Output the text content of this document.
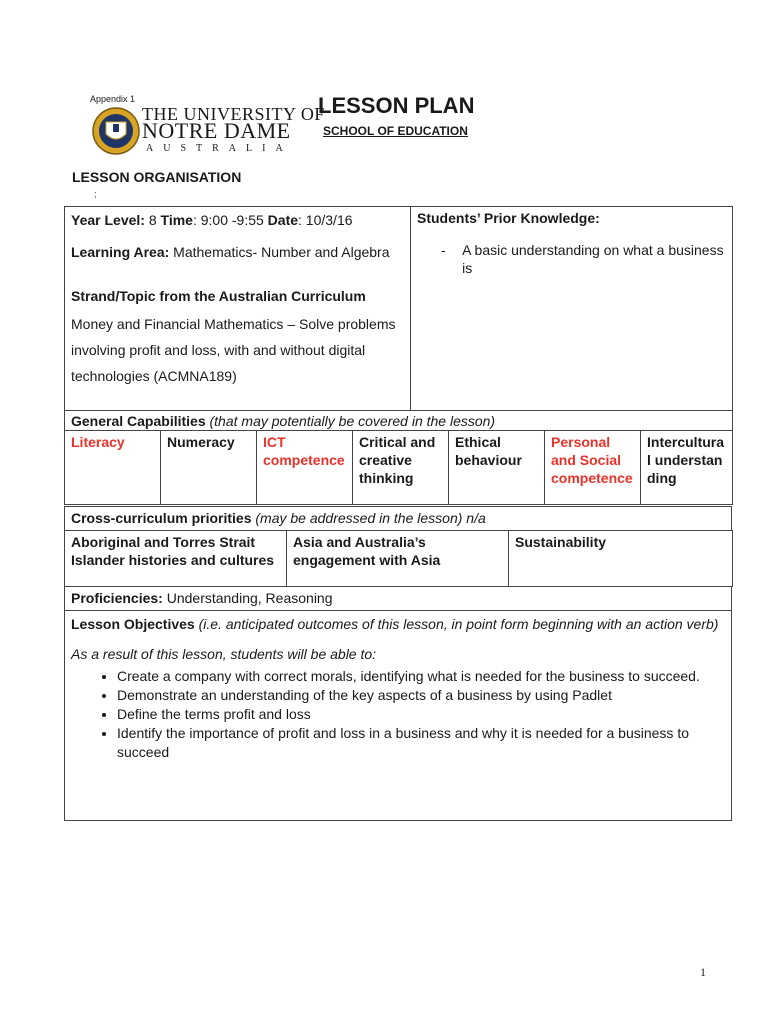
Appendix 1
THE UNIVERSITY OF
NOTRE DAME
AUSTRALIA
LESSON PLAN
SCHOOL OF EDUCATION
LESSON ORGANISATION
;
Year Level: 8 Time: 9:00 -9:55 Date: 10/3/16
Learning Area: Mathematics- Number and Algebra
Strand/Topic from the Australian Curriculum
Money and Financial Mathematics – Solve problems involving profit and loss, with and without digital technologies (ACMNA189)

Students’ Prior Knowledge:
-	A basic understanding on what a business is
General Capabilities (that may potentially be covered in the lesson)
Literacy	Numeracy	ICT competence	Critical and creative thinking	Ethical behaviour	Personal and Social competence	Intercultural understanding
Cross-curriculum priorities (may be addressed in the lesson) n/a
Aboriginal and Torres Strait Islander histories and cultures	Asia and Australia’s engagement with Asia	Sustainability
Proficiencies: Understanding, Reasoning
Lesson Objectives (i.e. anticipated outcomes of this lesson, in point form beginning with an action verb)
As a result of this lesson, students will be able to:
• Create a company with correct morals, identifying what is needed for the business to succeed.
• Demonstrate an understanding of the key aspects of a business by using Padlet
• Define the terms profit and loss
• Identify the importance of profit and loss in a business and why it is needed for a business to succeed
1
